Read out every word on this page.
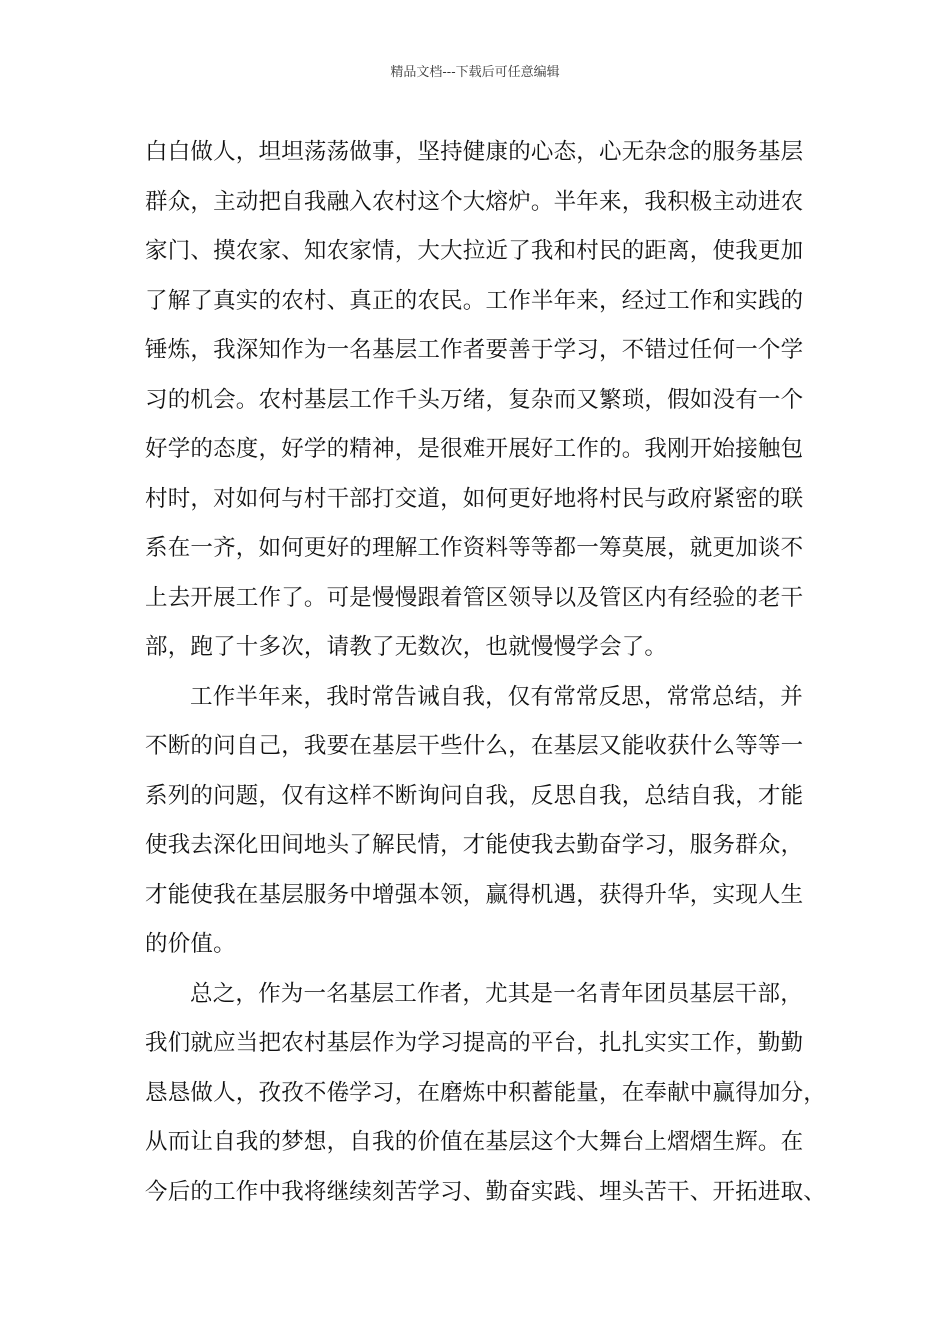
精品文档---下载后可任意编辑
白白做人，坦坦荡荡做事，坚持健康的心态，心无杂念的服务基层
群众，主动把自我融入农村这个大熔炉。半年来，我积极主动进农
家门、摸农家、知农家情，大大拉近了我和村民的距离，使我更加
了解了真实的农村、真正的农民。工作半年来，经过工作和实践的
锤炼，我深知作为一名基层工作者要善于学习，不错过任何一个学
习的机会。农村基层工作千头万绪，复杂而又繁琐，假如没有一个
好学的态度，好学的精神，是很难开展好工作的。我刚开始接触包
村时，对如何与村干部打交道，如何更好地将村民与政府紧密的联
系在一齐，如何更好的理解工作资料等等都一筹莫展，就更加谈不
上去开展工作了。可是慢慢跟着管区领导以及管区内有经验的老干
部，跑了十多次，请教了无数次，也就慢慢学会了。
工作半年来，我时常告诫自我，仅有常常反思，常常总结，并
不断的问自己，我要在基层干些什么，在基层又能收获什么等等一
系列的问题，仅有这样不断询问自我，反思自我，总结自我，才能
使我去深化田间地头了解民情，才能使我去勤奋学习，服务群众，
才能使我在基层服务中增强本领，赢得机遇，获得升华，实现人生
的价值。
总之，作为一名基层工作者，尤其是一名青年团员基层干部，
我们就应当把农村基层作为学习提高的平台，扎扎实实工作，勤勤
恳恳做人，孜孜不倦学习，在磨炼中积蓄能量，在奉献中赢得加分，
从而让自我的梦想，自我的价值在基层这个大舞台上熠熠生辉。在
今后的工作中我将继续刻苦学习、勤奋实践、埋头苦干、开拓进取、
